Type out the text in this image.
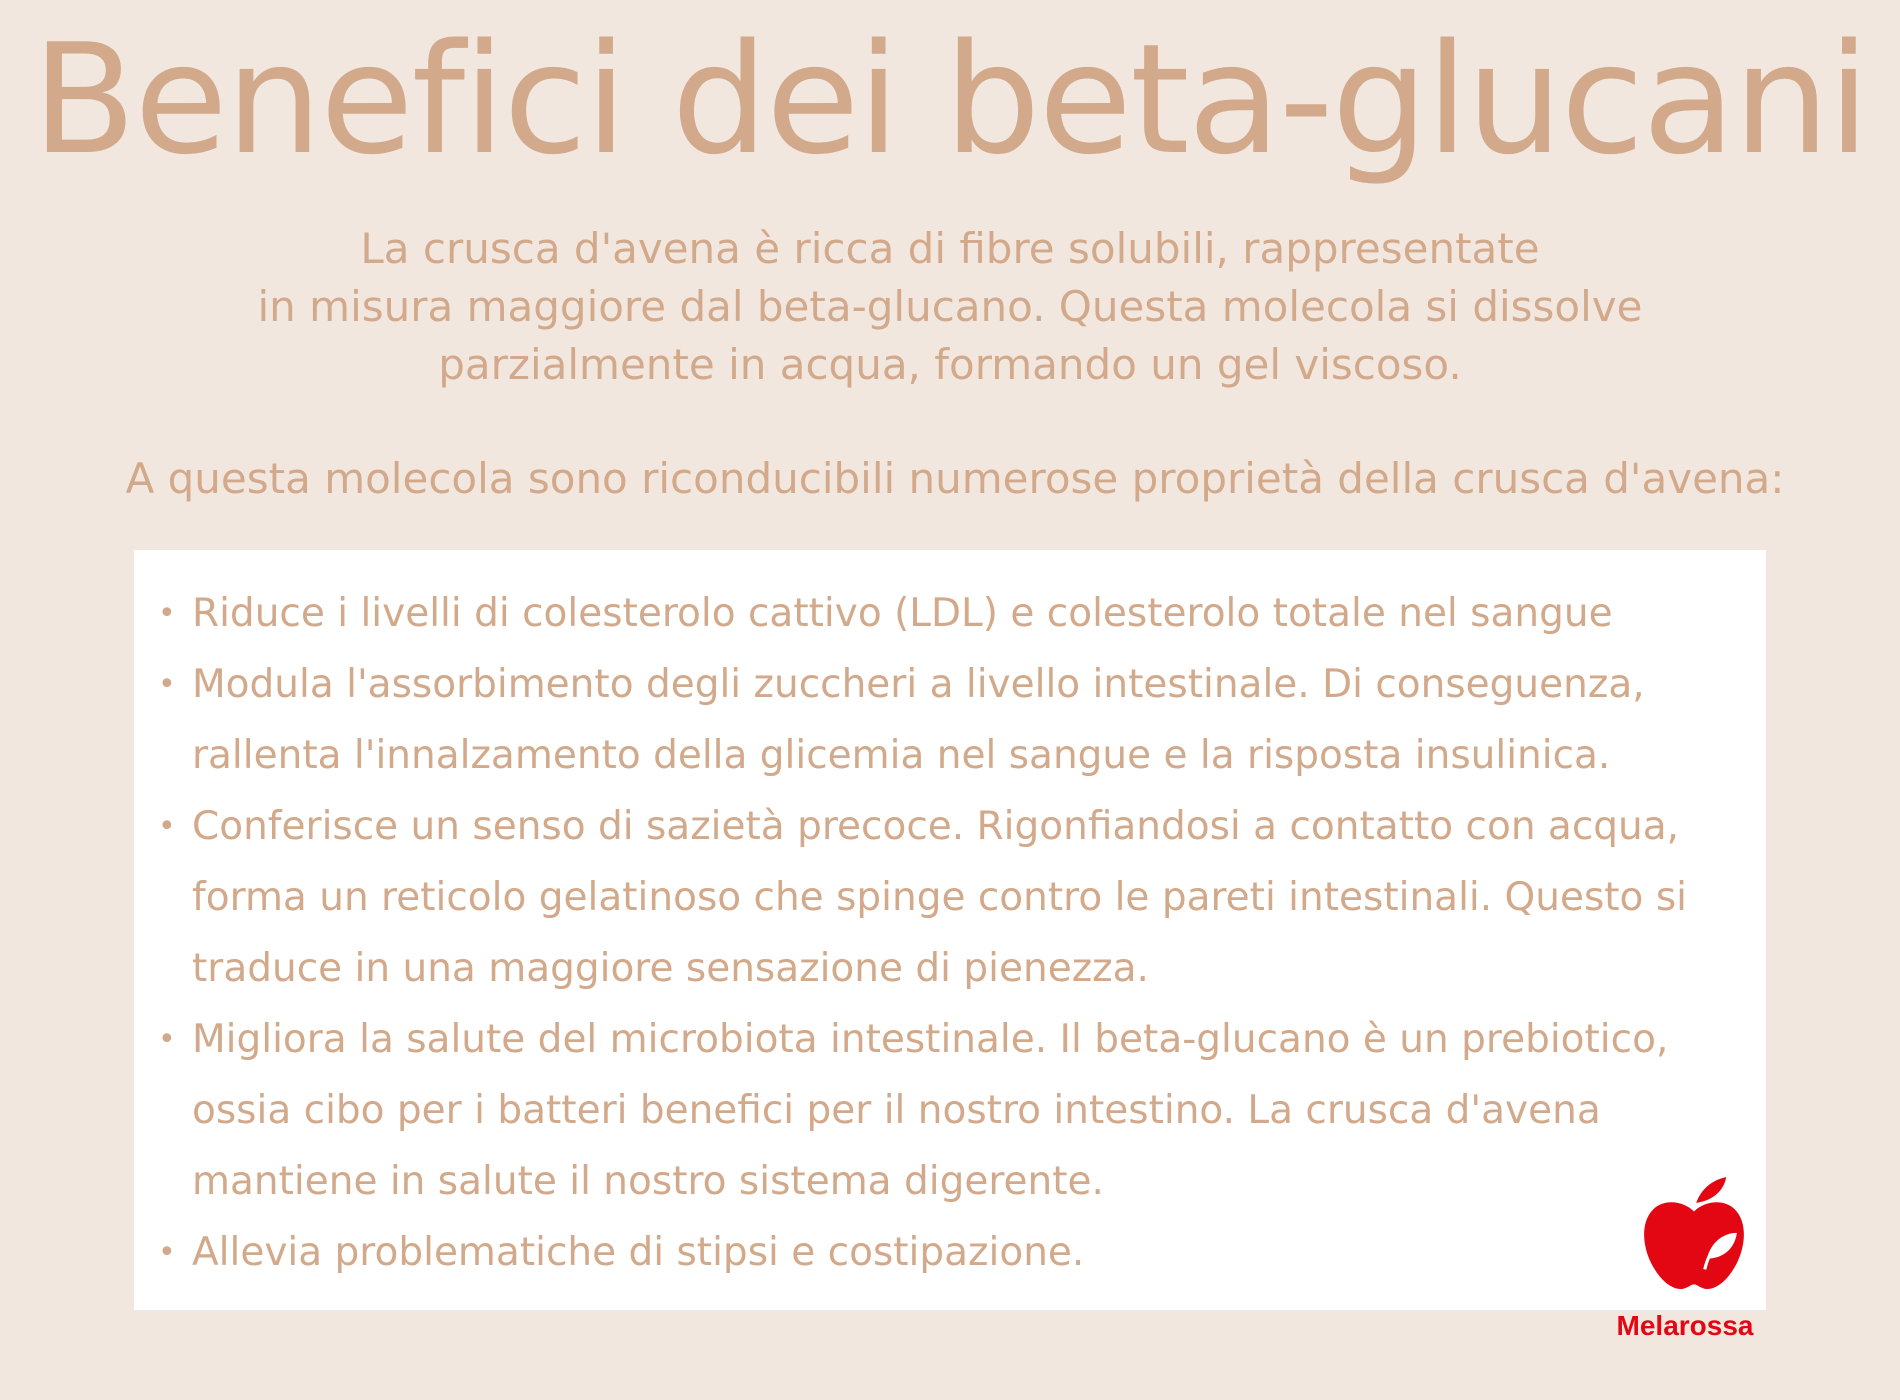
Benefici dei beta-glucani
La crusca d'avena è ricca di fibre solubili, rappresentate
in misura maggiore dal beta-glucano. Questa molecola si dissolve
parzialmente in acqua, formando un gel viscoso.
A questa molecola sono riconducibili numerose proprietà della crusca d'avena:
• Riduce i livelli di colesterolo cattivo (LDL) e colesterolo totale nel sangue
• Modula l'assorbimento degli zuccheri a livello intestinale. Di conseguenza, rallenta l'innalzamento della glicemia nel sangue e la risposta insulinica.
• Conferisce un senso di sazietà precoce. Rigonfiandosi a contatto con acqua, forma un reticolo gelatinoso che spinge contro le pareti intestinali. Questo si traduce in una maggiore sensazione di pienezza.
• Migliora la salute del microbiota intestinale. Il beta-glucano è un prebiotico, ossia cibo per i batteri benefici per il nostro intestino. La crusca d'avena mantiene in salute il nostro sistema digerente.
• Allevia problematiche di stipsi e costipazione.
Melarossa
